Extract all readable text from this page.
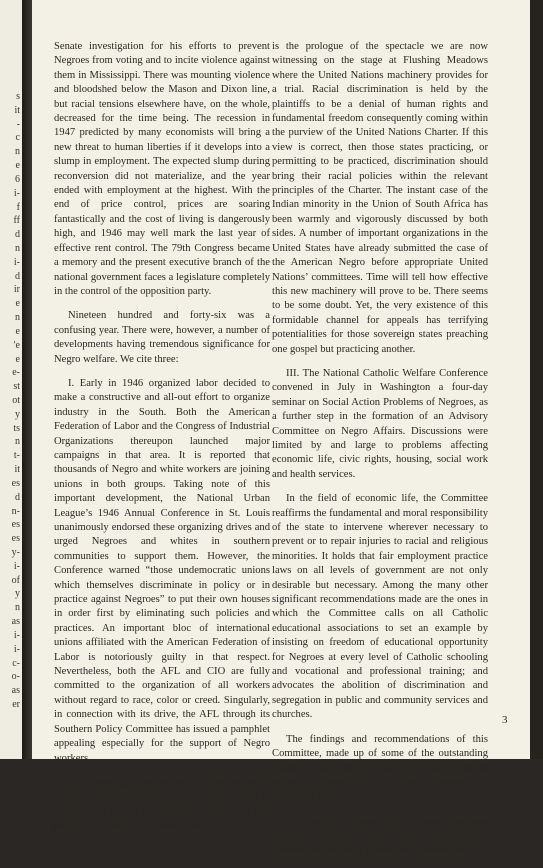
s
it
-
c
n
e
6
i-
f
ff
d
n
i-
d
ir
e
n
e
'e
e
e-
st
ot
y
ts
n
t-
it
es
d
n-
es
es
y-
i-
of
y
n
as
i-
i-
c-
o-
as
er

Senate investigation for his efforts to prevent Negroes from voting and to incite violence against them in Mississippi. There was mounting violence and bloodshed below the Mason and Dixon line, but racial tensions elsewhere have, on the whole, decreased for the time being. The recession in 1947 predicted by many economists will bring a new threat to human liberties if it develops into a slump in employment. The expected slump during reconversion did not materialize, and the year ended with employment at the highest. With the end of price control, prices are soaring fantastically and the cost of living is dangerously high, and 1946 may well mark the last year of effective rent control. The 79th Congress became a memory and the present executive branch of the national government faces a legislature completely in the control of the opposition party.

Nineteen hundred and forty-six was a confusing year. There were, however, a number of developments having tremendous significance for Negro welfare. We cite three:

I. Early in 1946 organized labor decided to make a constructive and all-out effort to organize industry in the South. Both the American Federation of Labor and the Congress of Industrial Organizations thereupon launched major campaigns in that area. It is reported that thousands of Negro and white workers are joining unions in both groups. Taking note of this important development, the National Urban League’s 1946 Annual Conference in St. Louis unanimously endorsed these organizing drives and urged Negroes and whites in southern communities to support them. However, the Conference warned “those undemocratic unions which themselves discriminate in policy or in practice against Negroes” to put their own houses in order first by eliminating such policies and practices. An important bloc of international unions affiliated with the American Federation of Labor is notoriously guilty in that respect. Nevertheless, both the AFL and CIO are fully committed to the organization of all workers without regard to race, color or creed. Singularly, in connection with its drive, the AFL through its Southern Policy Committee has issued a pamphlet appealing especially for the support of Negro workers.

II. A sovereign state accused of discrimination against racial minorities now for the first time in history may be put on trial before the world and judged by “a jury of its peers.” Such

is the prologue of the spectacle we are now witnessing on the stage at Flushing Meadows where the United Nations machinery provides for a trial. Racial discrimination is held by the plaintiffs to be a denial of human rights and fundamental freedom consequently coming within the purview of the United Nations Charter. If this view is correct, then those states practicing, or permitting to be practiced, discrimination should bring their racial policies within the relevant principles of the Charter. The instant case of the Indian minority in the Union of South Africa has been warmly and vigorously discussed by both sides. A number of important organizations in the United States have already submitted the case of the American Negro before appropriate United Nations’ committees. Time will tell how effective this new machinery will prove to be. There seems to be some doubt. Yet, the very existence of this formidable channel for appeals has terrifying potentialities for those sovereign states preaching one gospel but practicing another.

III. The National Catholic Welfare Conference convened in July in Washington a four-day seminar on Social Action Problems of Negroes, as a further step in the formation of an Advisory Committee on Negro Affairs. Discussions were limited by and large to problems affecting economic life, civic rights, housing, social work and health services.

In the field of economic life, the Committee reaffirms the fundamental and moral responsibility of the state to intervene wherever necessary to prevent or to repair injuries to racial and religious minorities. It holds that fair employment practice laws on all levels of government are not only desirable but necessary. Among the many other significant recommendations made are the ones in which the Committee calls on all Catholic educational associations to set an example by insisting on freedom of educational opportunity for Negroes at every level of Catholic schooling and vocational and professional training; and advocates the abolition of discrimination and segregation in public and community services and churches.

The findings and recommendations of this Committee, made up of some of the outstanding leaders of the Catholic Church in America, should prove of utmost value in the furtherance of interracial good will.

Put together, these three events represent important signposts helping to direct us all toward sounder and healthier American communities.

3
